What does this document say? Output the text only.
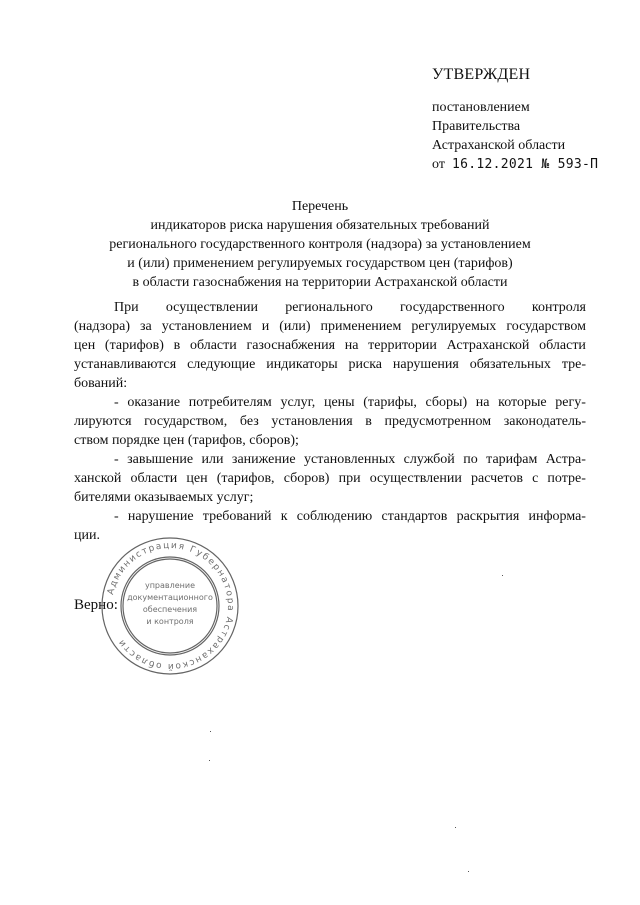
УТВЕРЖДЕН
постановлением
Правительства
Астраханской области
от 16.12.2021 № 593-П
Перечень
индикаторов риска нарушения обязательных требований
регионального государственного контроля (надзора) за установлением
и (или) применением регулируемых государством цен (тарифов)
в области газоснабжения на территории Астраханской области
При осуществлении регионального государственного контроля
(надзора) за установлением и (или) применением регулируемых государством
цен (тарифов) в области газоснабжения на территории Астраханской области
устанавливаются следующие индикаторы риска нарушения обязательных тре-
бований:
- оказание потребителям услуг, цены (тарифы, сборы) на которые регу-
лируются государством, без установления в предусмотренном законодатель-
ством порядке цен (тарифов, сборов);
- завышение или занижение установленных службой по тарифам Астра-
ханской области цен (тарифов, сборов) при осуществлении расчетов с потре-
бителями оказываемых услуг;
- нарушение требований к соблюдению стандартов раскрытия информа-
ции.
Верно:
Администрация Губернатора Астраханской области
управление
документационного
обеспечения
и контроля
